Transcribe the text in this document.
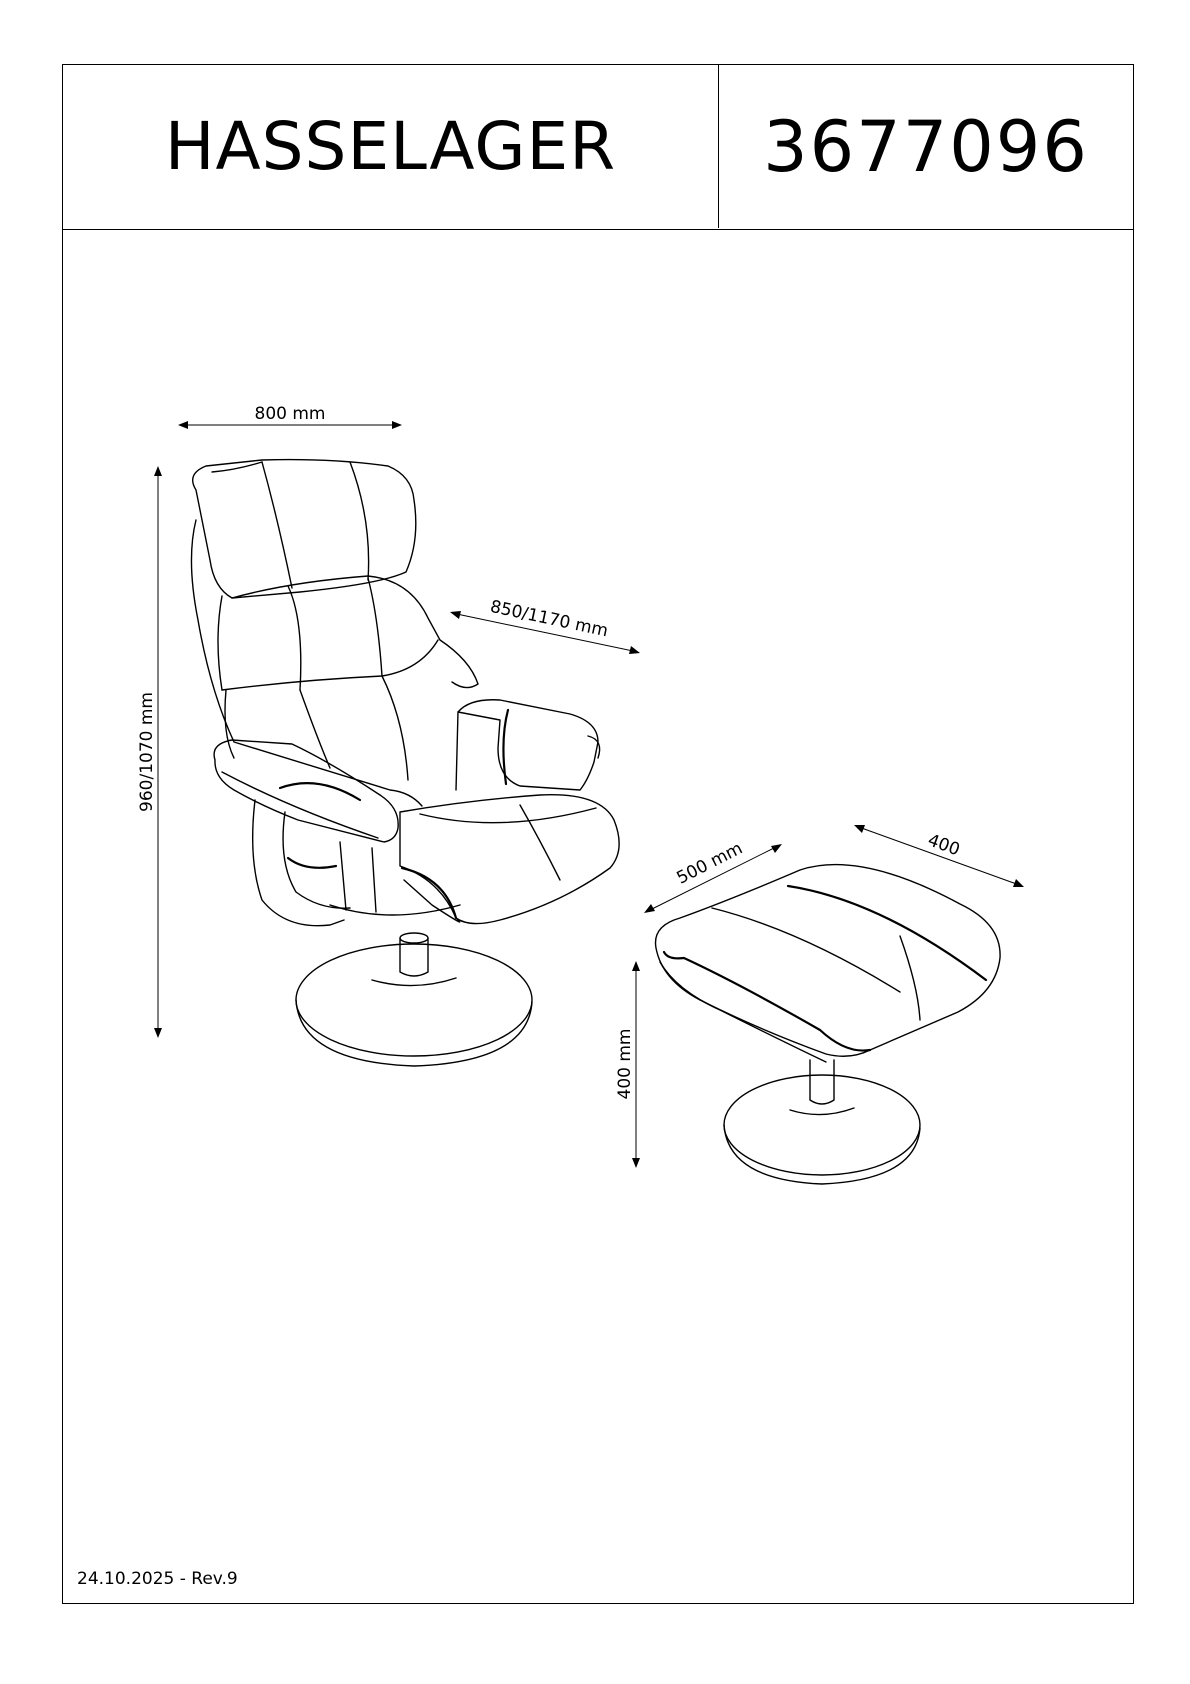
HASSELAGER	3677096
24.10.2025 - Rev.9
800 mm
960/1070 mm
850/1170 mm
500 mm	400
400 mm
